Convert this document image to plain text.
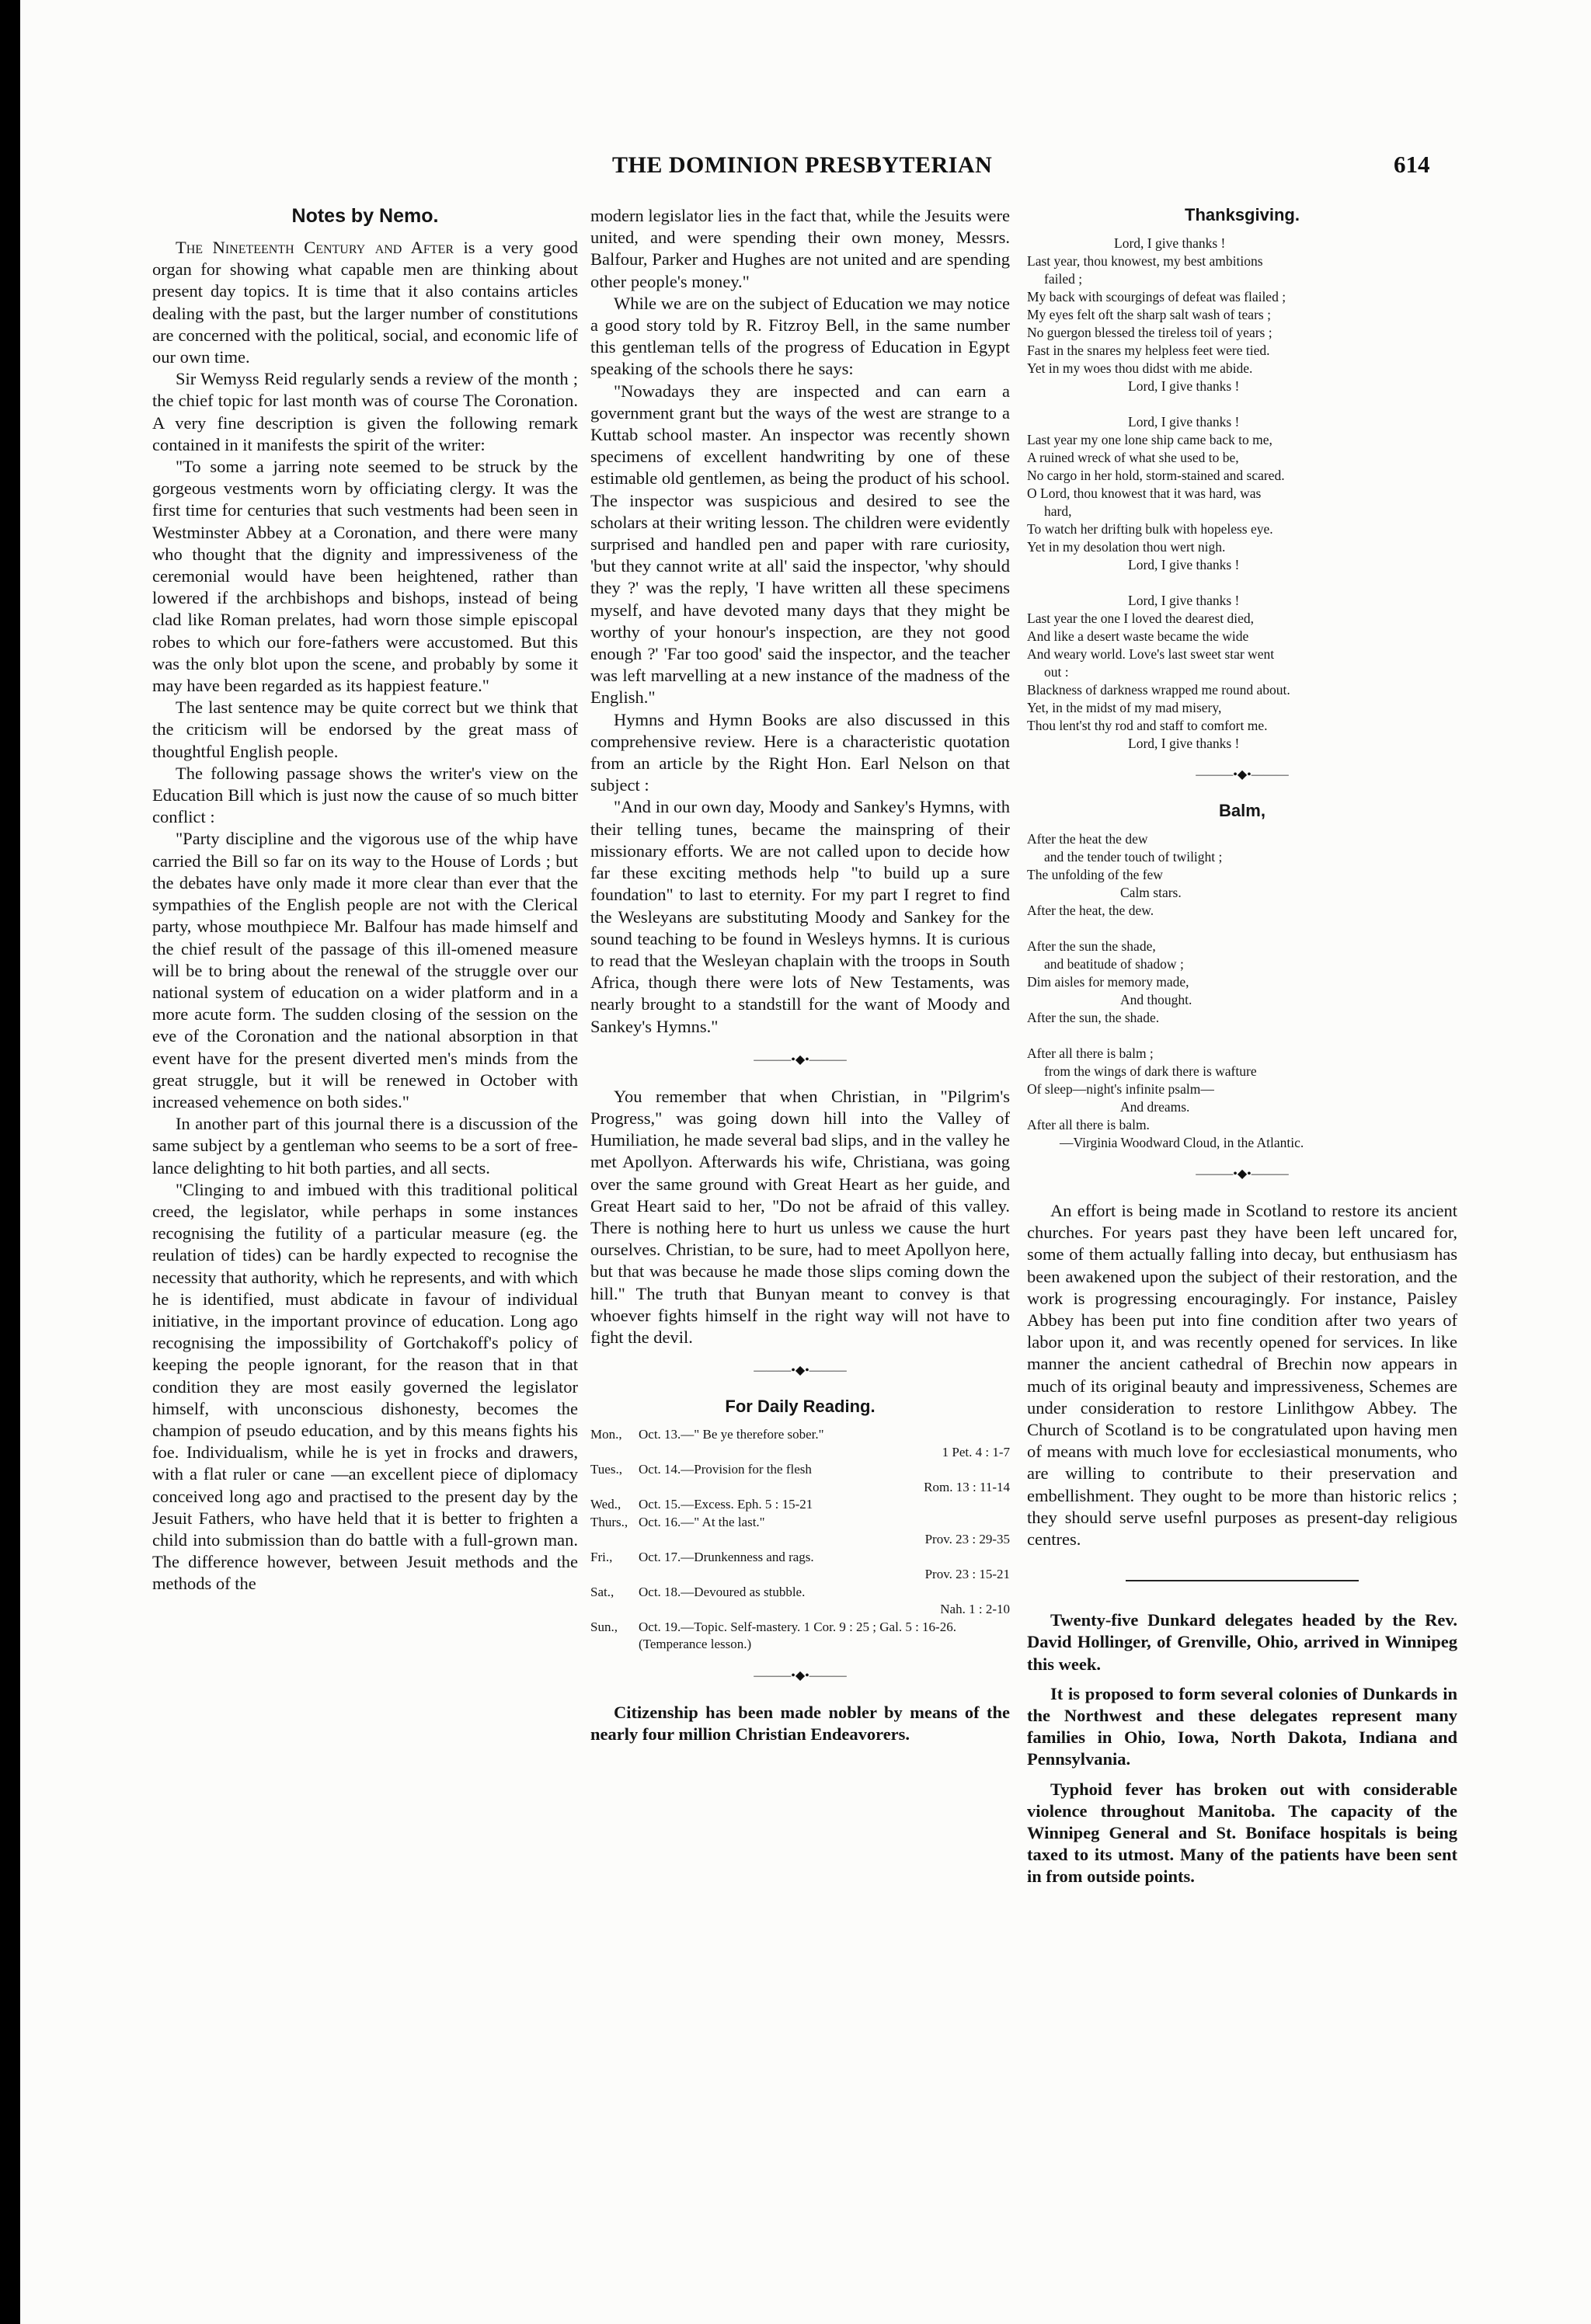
THE DOMINION PRESBYTERIAN	614
Notes by Nemo.

The Nineteenth Century and After is a very good organ for showing what capable men are thinking about present day topics. It is time that it also contains articles dealing with the past, but the larger number of constitutions are concerned with the political, social, and economic life of our own time.

Sir Wemyss Reid regularly sends a review of the month ; the chief topic for last month was of course The Coronation. A very fine description is given the following remark contained in it manifests the spirit of the writer:

"To some a jarring note seemed to be struck by the gorgeous vestments worn by officiating clergy. It was the first time for centuries that such vestments had been seen in Westminster Abbey at a Coronation, and there were many who thought that the dignity and impressiveness of the ceremonial would have been heightened, rather than lowered if the archbishops and bishops, instead of being clad like Roman prelates, had worn those simple episcopal robes to which our fore-fathers were accustomed. But this was the only blot upon the scene, and probably by some it may have been regarded as its happiest feature."

The last sentence may be quite correct but we think that the criticism will be endorsed by the great mass of thoughtful English people.

The following passage shows the writer's view on the Education Bill which is just now the cause of so much bitter conflict :

"Party discipline and the vigorous use of the whip have carried the Bill so far on its way to the House of Lords ; but the debates have only made it more clear than ever that the sympathies of the English people are not with the Clerical party, whose mouthpiece Mr. Balfour has made himself and the chief result of the passage of this ill-omened measure will be to bring about the renewal of the struggle over our national system of education on a wider platform and in a more acute form. The sudden closing of the session on the eve of the Coronation and the national absorption in that event have for the present diverted men's minds from the great struggle, but it will be renewed in October with increased vehemence on both sides."

In another part of this journal there is a discussion of the same subject by a gentleman who seems to be a sort of free-lance delighting to hit both parties, and all sects.

"Clinging to and imbued with this traditional political creed, the legislator, while perhaps in some instances recognising the futility of a particular measure (eg. the reulation of tides) can be hardly expected to recognise the necessity that authority, which he represents, and with which he is identified, must abdicate in favour of individual initiative, in the important province of education. Long ago recognising the impossibility of Gortchakoff's policy of keeping the people ignorant, for the reason that in that condition they are most easily governed the legislator himself, with unconscious dishonesty, becomes the champion of pseudo education, and by this means fights his foe. Individualism, while he is yet in frocks and drawers, with a flat ruler or cane —an excellent piece of diplomacy conceived long ago and practised to the present day by the Jesuit Fathers, who have held that it is better to frighten a child into submission than do battle with a full-grown man. The difference however, between Jesuit methods and the methods of the

modern legislator lies in the fact that, while the Jesuits were united, and were spending their own money, Messrs. Balfour, Parker and Hughes are not united and are spending other people's money."

While we are on the subject of Education we may notice a good story told by R. Fitzroy Bell, in the same number this gentleman tells of the progress of Education in Egypt speaking of the schools there he says:

"Nowadays they are inspected and can earn a government grant but the ways of the west are strange to a Kuttab school master. An inspector was recently shown specimens of excellent handwriting by one of these estimable old gentlemen, as being the product of his school. The inspector was suspicious and desired to see the scholars at their writing lesson. The children were evidently surprised and handled pen and paper with rare curiosity, 'but they cannot write at all' said the inspector, 'why should they ?' was the reply, 'I have written all these specimens myself, and have devoted many days that they might be worthy of your honour's inspection, are they not good enough ?' 'Far too good' said the inspector, and the teacher was left marvelling at a new instance of the madness of the English."

Hymns and Hymn Books are also discussed in this comprehensive review. Here is a characteristic quotation from an article by the Right Hon. Earl Nelson on that subject :

"And in our own day, Moody and Sankey's Hymns, with their telling tunes, became the mainspring of their missionary efforts. We are not called upon to decide how far these exciting methods help "to build up a sure foundation" to last to eternity. For my part I regret to find the Wesleyans are substituting Moody and Sankey for the sound teaching to be found in Wesleys hymns. It is curious to read that the Wesleyan chaplain with the troops in South Africa, though there were lots of New Testaments, was nearly brought to a standstill for the want of Moody and Sankey's Hymns."

———•◆•———

You remember that when Christian, in "Pilgrim's Progress," was going down hill into the Valley of Humiliation, he made several bad slips, and in the valley he met Apollyon. Afterwards his wife, Christiana, was going over the same ground with Great Heart as her guide, and Great Heart said to her, "Do not be afraid of this valley. There is nothing here to hurt us unless we cause the hurt ourselves. Christian, to be sure, had to meet Apollyon here, but that was because he made those slips coming down the hill." The truth that Bunyan meant to convey is that whoever fights himself in the right way will not have to fight the devil.

———•◆•———
For Daily Reading.
Mon.,	Oct. 13.—" Be ye therefore sober."
1 Pet. 4 : 1-7
Tues.,	Oct. 14.—Provision for the flesh
Rom. 13 : 11-14
Wed.,	Oct. 15.—Excess. Eph. 5 : 15-21
Thurs., Oct. 16.—" At the last."
Prov. 23 : 29-35
Fri.,	Oct. 17.—Drunkenness and rags.
Prov. 23 : 15-21
Sat.,	Oct. 18.—Devoured as stubble.
Nah. 1 : 2-10
Sun.,	Oct. 19.—Topic. Self-mastery. 1 Cor. 9 : 25 ; Gal. 5 : 16-26. (Temperance lesson.)
———•◆•———

Citizenship has been made nobler by means of the nearly four million Christian Endeavorers.

Thanksgiving.
Lord, I give thanks !
Last year, thou knowest, my best ambitions
failed ;
My back with scourgings of defeat was flailed ;
My eyes felt oft the sharp salt wash of tears ;
No guergon blessed the tireless toil of years ;
Fast in the snares my helpless feet were tied.
Yet in my woes thou didst with me abide.
Lord, I give thanks !

Lord, I give thanks !
Last year my one lone ship came back to me,
A ruined wreck of what she used to be,
No cargo in her hold, storm-stained and scared.
O Lord, thou knowest that it was hard, was
hard,
To watch her drifting bulk with hopeless eye.
Yet in my desolation thou wert nigh.
Lord, I give thanks !

Lord, I give thanks !
Last year the one I loved the dearest died,
And like a desert waste became the wide
And weary world. Love's last sweet star went
out :
Blackness of darkness wrapped me round about.
Yet, in the midst of my mad misery,
Thou lent'st thy rod and staff to comfort me.
Lord, I give thanks !
———•◆•———
Balm,
After the heat the dew
and the tender touch of twilight ;
The unfolding of the few
Calm stars.
After the heat, the dew.

After the sun the shade,
and beatitude of shadow ;
Dim aisles for memory made,
And thought.
After the sun, the shade.

After all there is balm ;
from the wings of dark there is wafture
Of sleep—night's infinite psalm—
And dreams.
After all there is balm.
—Virginia Woodward Cloud, in the Atlantic.
———•◆•———

An effort is being made in Scotland to restore its ancient churches. For years past they have been left uncared for, some of them actually falling into decay, but enthusiasm has been awakened upon the subject of their restoration, and the work is progressing encouragingly. For instance, Paisley Abbey has been put into fine condition after two years of labor upon it, and was recently opened for services. In like manner the ancient cathedral of Brechin now appears in much of its original beauty and impressiveness, Schemes are under consideration to restore Linlithgow Abbey. The Church of Scotland is to be congratulated upon having men of means with much love for ecclesiastical monuments, who are willing to contribute to their preservation and embellishment. They ought to be more than historic relics ; they should serve usefnl purposes as present-day religious centres.

Twenty-five Dunkard delegates headed by the Rev. David Hollinger, of Grenville, Ohio, arrived in Winnipeg this week.

It is proposed to form several colonies of Dunkards in the Northwest and these delegates represent many families in Ohio, Iowa, North Dakota, Indiana and Pennsylvania.

Typhoid fever has broken out with considerable violence throughout Manitoba. The capacity of the Winnipeg General and St. Boniface hospitals is being taxed to its utmost. Many of the patients have been sent in from outside points.
